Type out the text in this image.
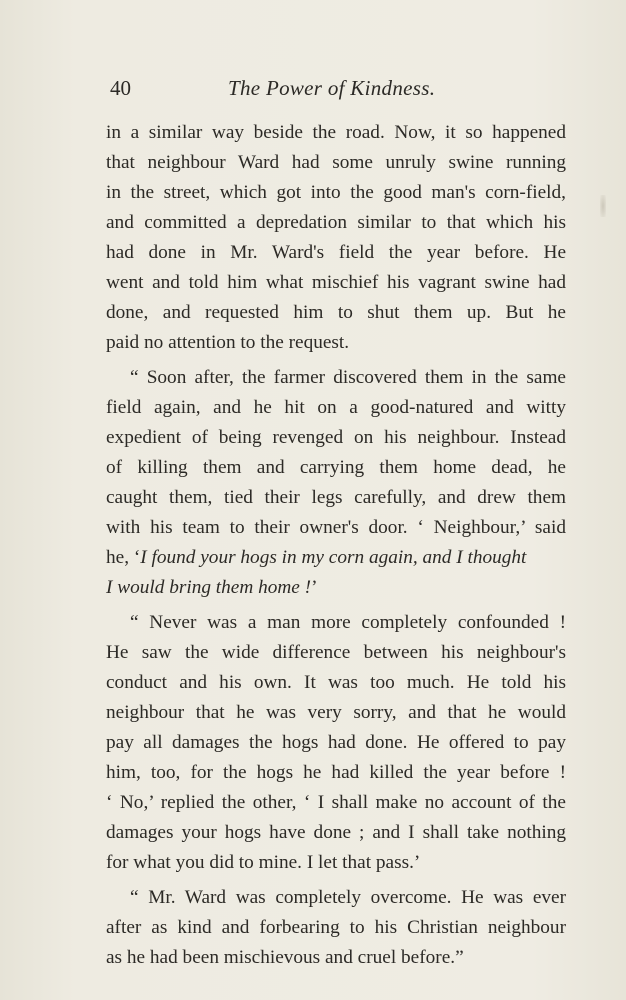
40	The Power of Kindness.
in a similar way beside the road. Now, it so happened
that neighbour Ward had some unruly swine running
in the street, which got into the good man's corn-field,
and committed a depredation similar to that which his
had done in Mr. Ward's field the year before. He
went and told him what mischief his vagrant swine had
done, and requested him to shut them up. But he
paid no attention to the request.
“ Soon after, the farmer discovered them in the same
field again, and he hit on a good-natured and witty
expedient of being revenged on his neighbour. Instead
of killing them and carrying them home dead, he
caught them, tied their legs carefully, and drew them
with his team to their owner's door. ‘ Neighbour,’ said
he, ‘I found your hogs in my corn again, and I thought
I would bring them home !’
“ Never was a man more completely confounded !
He saw the wide difference between his neighbour's
conduct and his own. It was too much. He told his
neighbour that he was very sorry, and that he would
pay all damages the hogs had done. He offered to pay
him, too, for the hogs he had killed the year before !
‘ No,’ replied the other, ‘ I shall make no account of the
damages your hogs have done ; and I shall take nothing
for what you did to mine. I let that pass.’
“ Mr. Ward was completely overcome. He was ever
after as kind and forbearing to his Christian neighbour
as he had been mischievous and cruel before.”
